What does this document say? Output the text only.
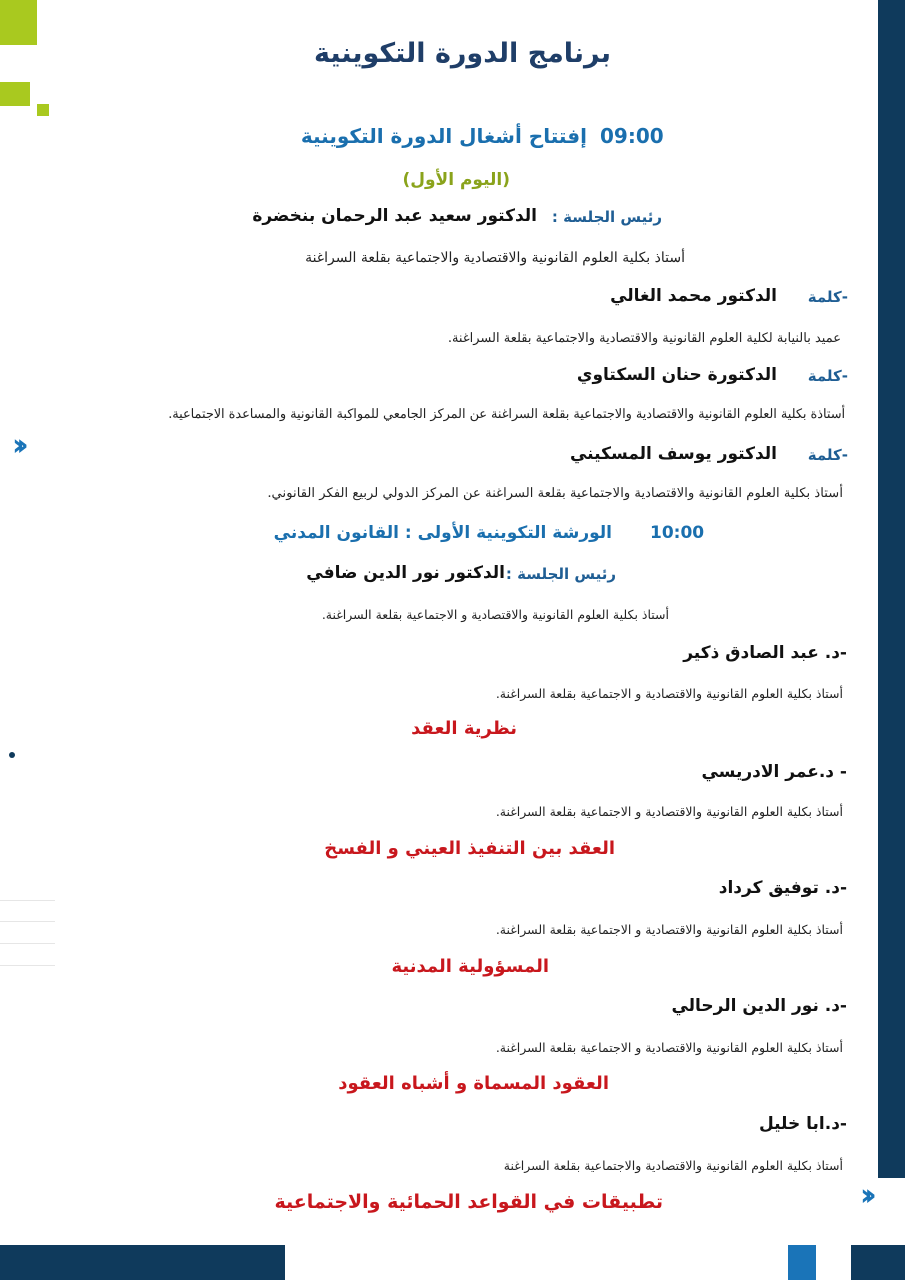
››
››
برنامج الدورة التكوينية
09:00
إفتتاح أشغال الدورة التكوينية
(اليوم الأول)
رئيس الجلسة :
الدكتور سعيد عبد الرحمان بنخضرة
أستاذ بكلية العلوم القانونية والاقتصادية والاجتماعية بقلعة السراغنة
-كلمة
الدكتور محمد الغالي
عميد بالنيابة لكلية العلوم القانونية والاقتصادية والاجتماعية بقلعة السراغنة.
-كلمة
الدكتورة حنان السكتاوي
أستاذة بكلية العلوم القانونية والاقتصادية والاجتماعية بقلعة السراغنة عن المركز الجامعي للمواكبة القانونية والمساعدة الاجتماعية.
-كلمة
الدكتور يوسف المسكيني
أستاذ بكلية العلوم القانونية والاقتصادية والاجتماعية بقلعة السراغنة عن المركز الدولي لربيع الفكر القانوني.
10:00
الورشة التكوينية الأولى : القانون المدني
رئيس الجلسة :
الدكتور نور الدين ضافي
أستاذ بكلية العلوم القانونية والاقتصادية و الاجتماعية بقلعة السراغنة.
-د. عبد الصادق ذكير
أستاذ بكلية العلوم القانونية والاقتصادية و الاجتماعية بقلعة السراغنة.
نظرية العقد
- د.عمر الادريسي
أستاذ بكلية العلوم القانونية والاقتصادية و الاجتماعية بقلعة السراغنة.
العقد بين التنفيذ العيني و الفسخ
-د. توفيق كرداد
أستاذ بكلية العلوم القانونية والاقتصادية و الاجتماعية بقلعة السراغنة.
المسؤولية المدنية
-د. نور الدين الرحالي
أستاذ بكلية العلوم القانونية والاقتصادية و الاجتماعية بقلعة السراغنة.
العقود المسماة و أشباه العقود
-د.ابا خليل
أستاذ بكلية العلوم القانونية والاقتصادية والاجتماعية بقلعة السراغنة
تطبيقات في القواعد الحمائية والاجتماعية
